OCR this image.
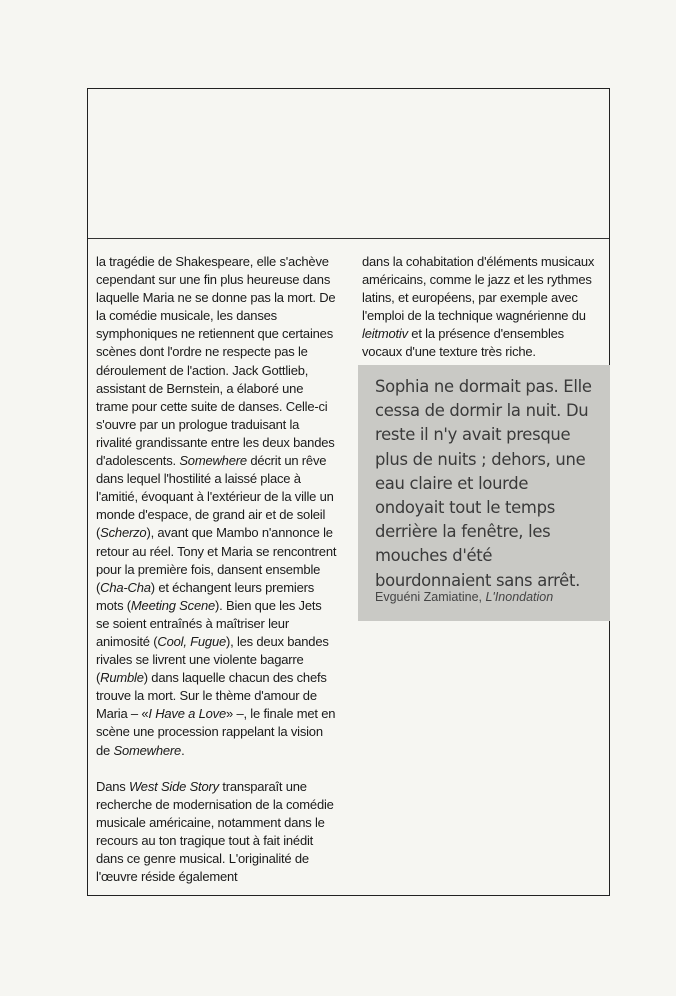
la tragédie de Shakespeare, elle s'achève cependant sur une fin plus heureuse dans laquelle Maria ne se donne pas la mort. De la comédie musicale, les danses symphoniques ne retiennent que certaines scènes dont l'ordre ne respecte pas le déroulement de l'action. Jack Gottlieb, assistant de Bernstein, a élaboré une trame pour cette suite de danses. Celle-ci s'ouvre par un prologue traduisant la rivalité grandissante entre les deux bandes d'adolescents. Somewhere décrit un rêve dans lequel l'hostilité a laissé place à l'amitié, évoquant à l'extérieur de la ville un monde d'espace, de grand air et de soleil (Scherzo), avant que Mambo n'annonce le retour au réel. Tony et Maria se rencontrent pour la première fois, dansent ensemble (Cha-Cha) et échangent leurs premiers mots (Meeting Scene). Bien que les Jets se soient entraînés à maîtriser leur animosité (Cool, Fugue), les deux bandes rivales se livrent une violente bagarre (Rumble) dans laquelle chacun des chefs trouve la mort. Sur le thème d'amour de Maria – «I Have a Love» –, le finale met en scène une procession rappelant la vision de Somewhere.

Dans West Side Story transparaît une recherche de modernisation de la comédie musicale américaine, notamment dans le recours au ton tragique tout à fait inédit dans ce genre musical. L'originalité de l'œuvre réside également

dans la cohabitation d'éléments musicaux américains, comme le jazz et les rythmes latins, et européens, par exemple avec l'emploi de la technique wagnérienne du leitmotiv et la présence d'ensembles vocaux d'une texture très riche.

Sophia ne dormait pas. Elle cessa de dormir la nuit. Du reste il n'y avait presque plus de nuits ; dehors, une eau claire et lourde ondoyait tout le temps derrière la fenêtre, les mouches d'été bourdonnaient sans arrêt.

Evguéni Zamiatine, L'Inondation
